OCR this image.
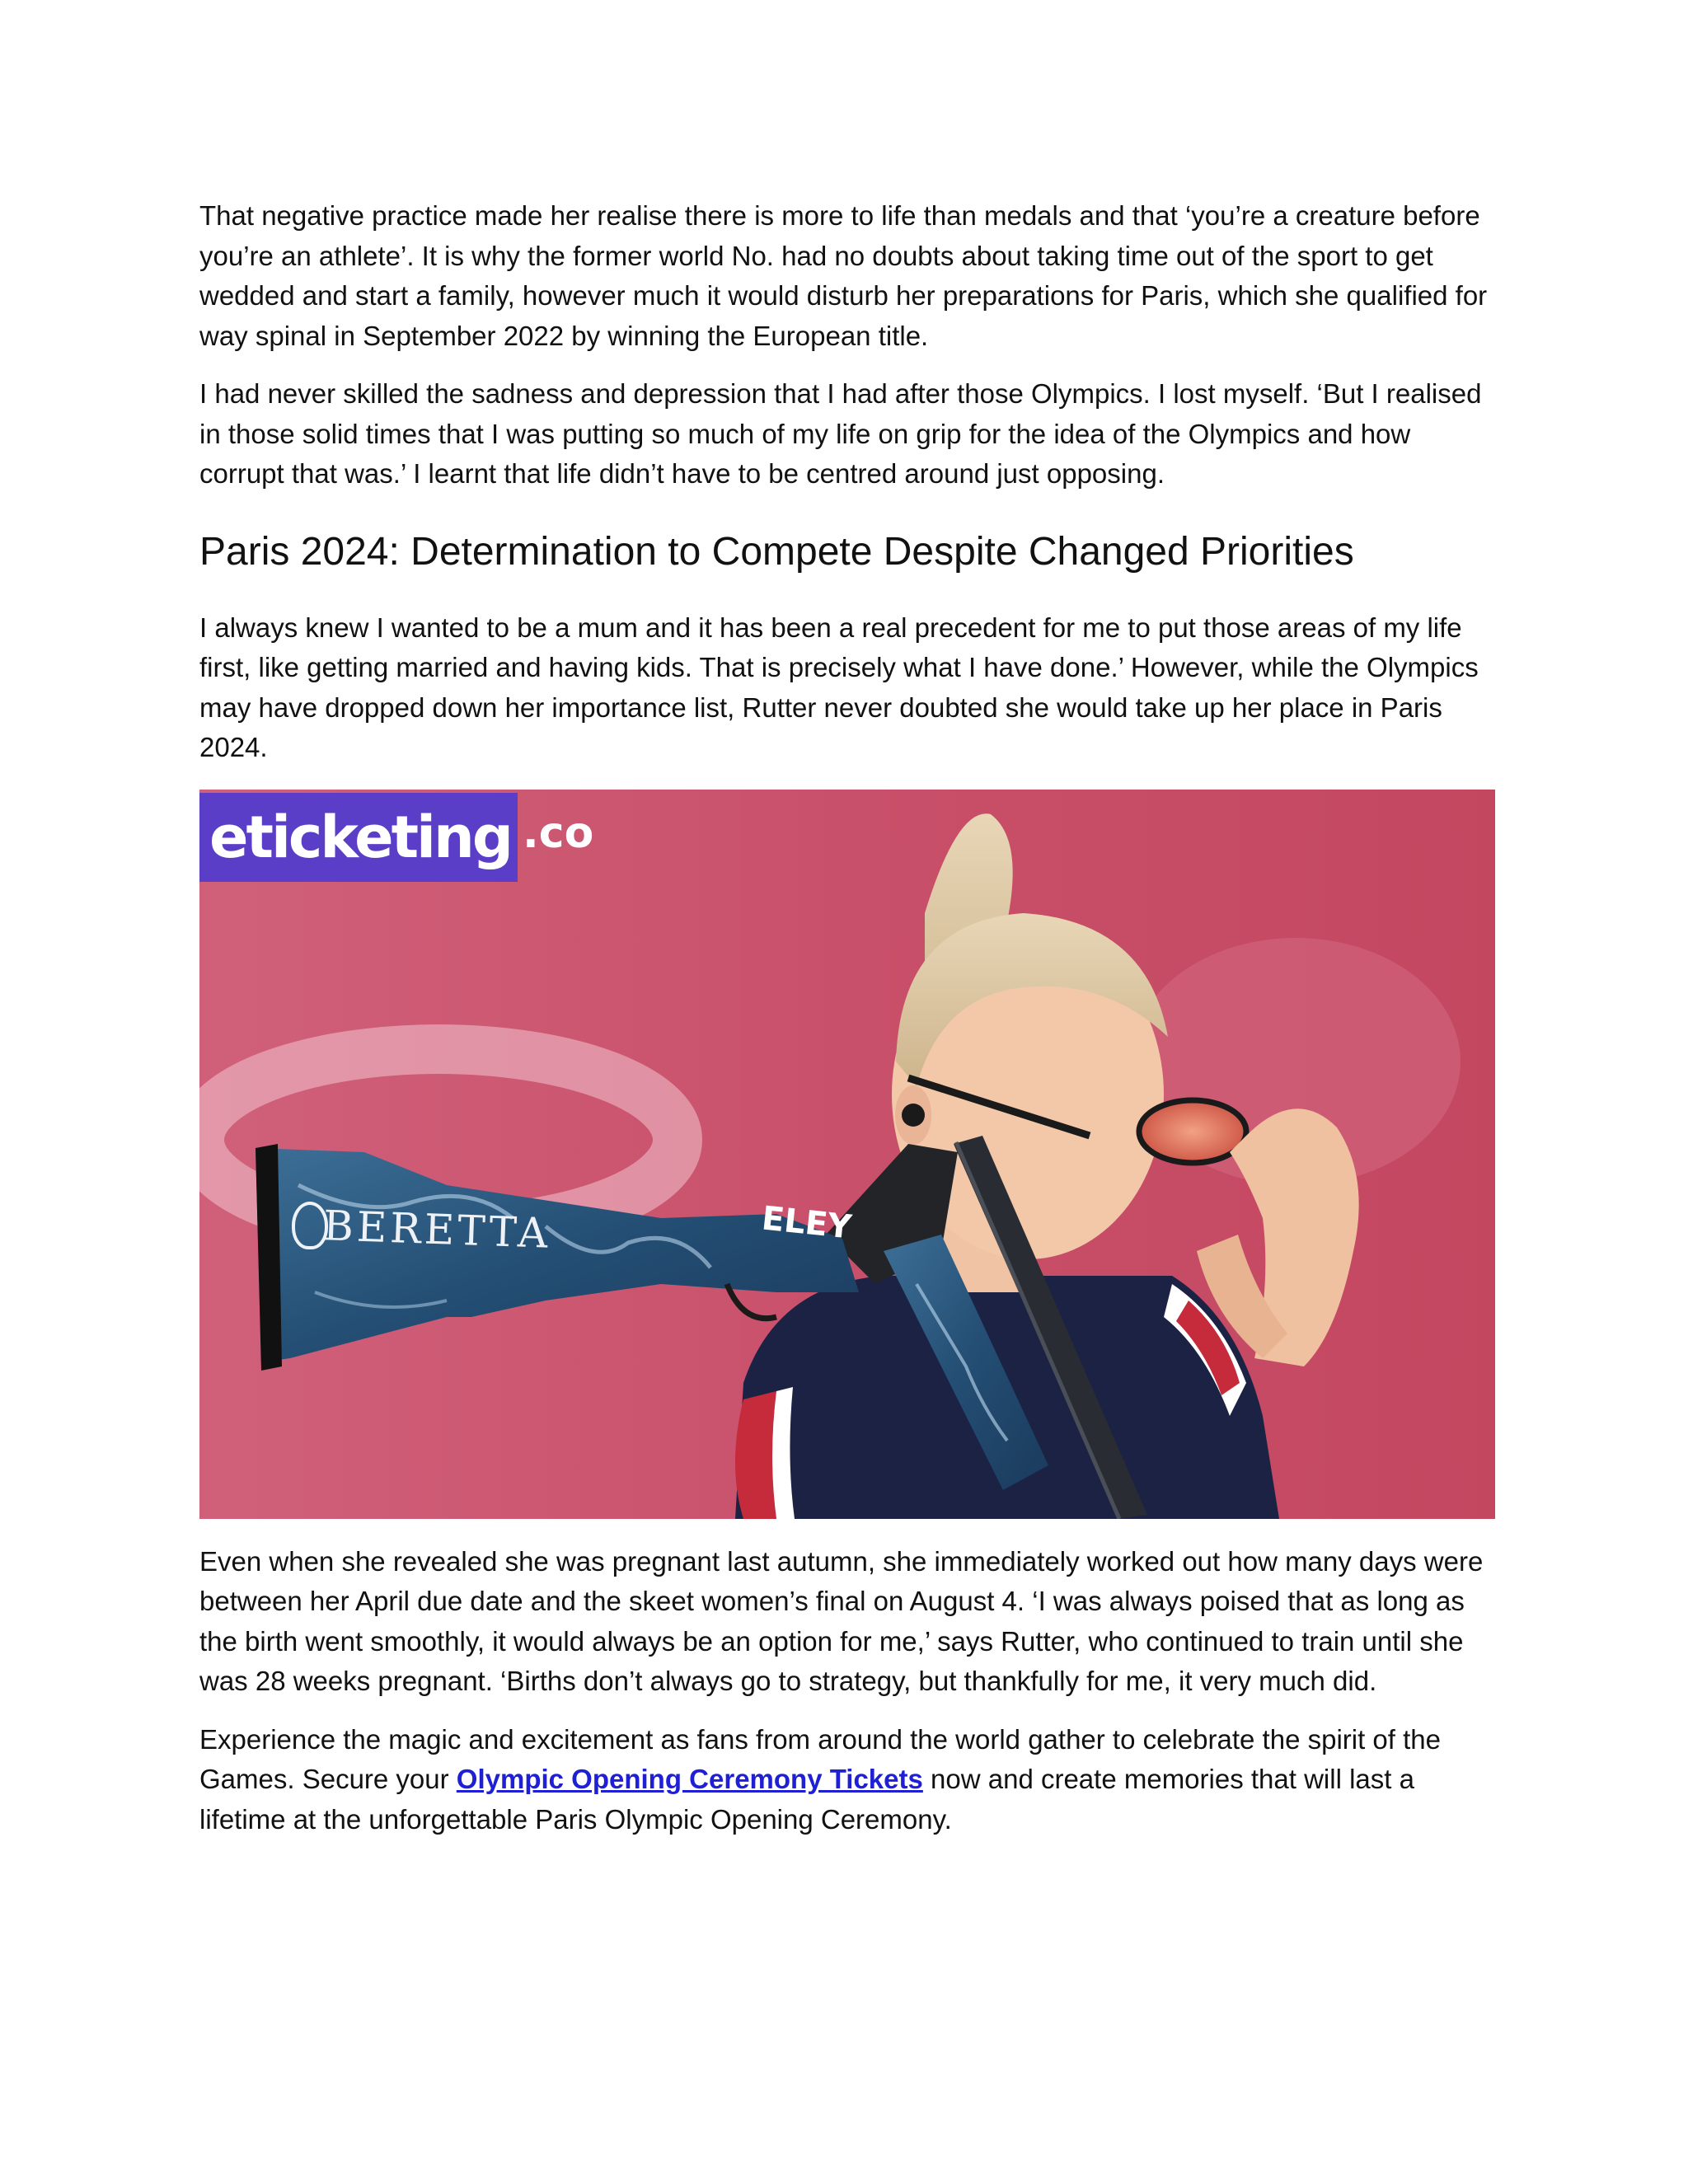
That negative practice made her realise there is more to life than medals and that ‘you’re a creature before you’re an athlete’. It is why the former world No. had no doubts about taking time out of the sport to get wedded and start a family, however much it would disturb her preparations for Paris, which she qualified for way spinal in September 2022 by winning the European title.

I had never skilled the sadness and depression that I had after those Olympics. I lost myself. ‘But I realised in those solid times that I was putting so much of my life on grip for the idea of the Olympics and how corrupt that was.’ I learnt that life didn’t have to be centred around just opposing.

Paris 2024: Determination to Compete Despite Changed Priorities

I always knew I wanted to be a mum and it has been a real precedent for me to put those areas of my life first, like getting married and having kids. That is precisely what I have done.’ However, while the Olympics may have dropped down her importance list, Rutter never doubted she would take up her place in Paris 2024.

eticketing .co
BERETTA	ELEY

Even when she revealed she was pregnant last autumn, she immediately worked out how many days were between her April due date and the skeet women’s final on August 4. ‘I was always poised that as long as the birth went smoothly, it would always be an option for me,’ says Rutter, who continued to train until she was 28 weeks pregnant. ‘Births don’t always go to strategy, but thankfully for me, it very much did.

Experience the magic and excitement as fans from around the world gather to celebrate the spirit of the Games. Secure your Olympic Opening Ceremony Tickets now and create memories that will last a lifetime at the unforgettable Paris Olympic Opening Ceremony.
